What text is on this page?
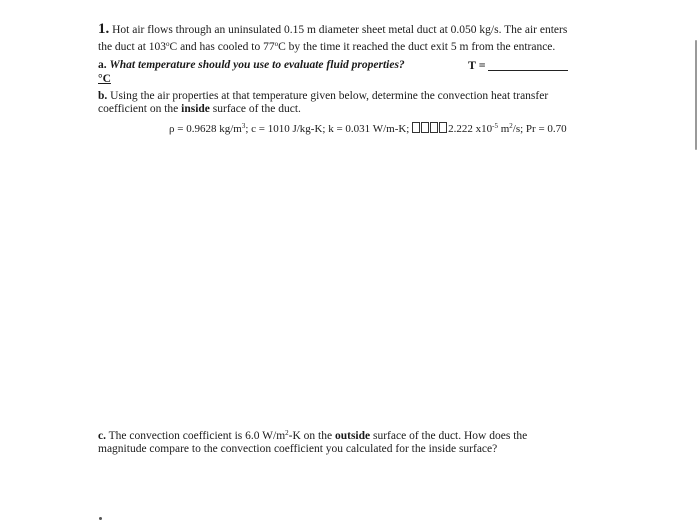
1. Hot air flows through an uninsulated 0.15 m diameter sheet metal duct at 0.050 kg/s. The air enters
the duct at 103$^o$C and has cooled to 77$^o$C by the time it reached the duct exit 5 m from the entrance.
a. What temperature should you use to evaluate fluid properties?	T =
°C
b. Using the air properties at that temperature given below, determine the convection heat transfer
coefficient on the inside surface of the duct.
ρ = 0.9628 $kg/m^3$; c = 1010 J/kg-K; k = 0.031 W/m-K;	2.222 $x10^{-5}$ $m^2/s$; Pr = 0.70
c. The convection coefficient is 6.0 $W/m^2-K$ on the outside surface of the duct. How does the
magnitude compare to the convection coefficient you calculated for the inside surface?
